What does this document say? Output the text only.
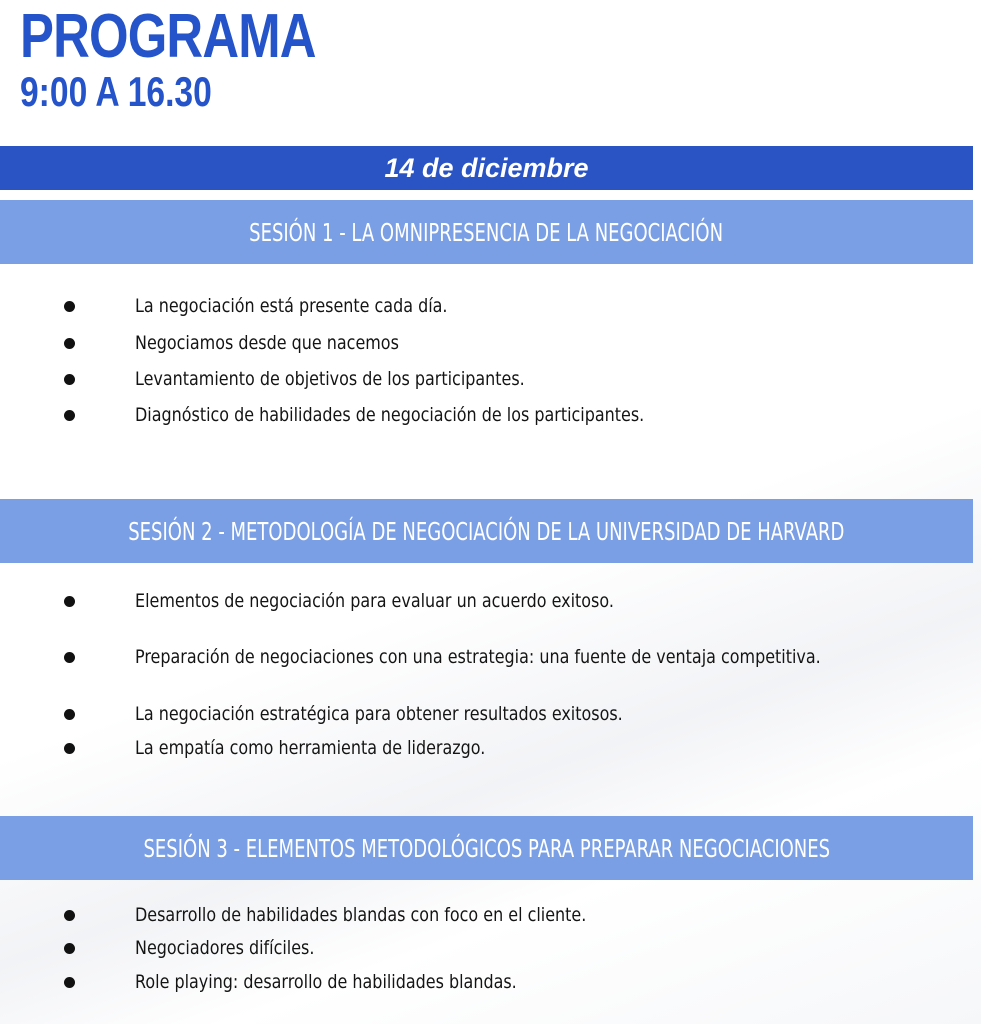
PROGRAMA
9:00 A 16.30
14 de diciembre
SESIÓN 1 - LA OMNIPRESENCIA DE LA NEGOCIACIÓN
La negociación está presente cada día.
Negociamos desde que nacemos
Levantamiento de objetivos de los participantes.
Diagnóstico de habilidades de negociación de los participantes.
SESIÓN 2 - METODOLOGÍA DE NEGOCIACIÓN DE LA UNIVERSIDAD DE HARVARD
Elementos de negociación para evaluar un acuerdo exitoso.
Preparación de negociaciones con una estrategia: una fuente de ventaja competitiva.
La negociación estratégica para obtener resultados exitosos.
La empatía como herramienta de liderazgo.
SESIÓN 3 - ELEMENTOS METODOLÓGICOS PARA PREPARAR NEGOCIACIONES
Desarrollo de habilidades blandas con foco en el cliente.
Negociadores difíciles.
Role playing: desarrollo de habilidades blandas.
